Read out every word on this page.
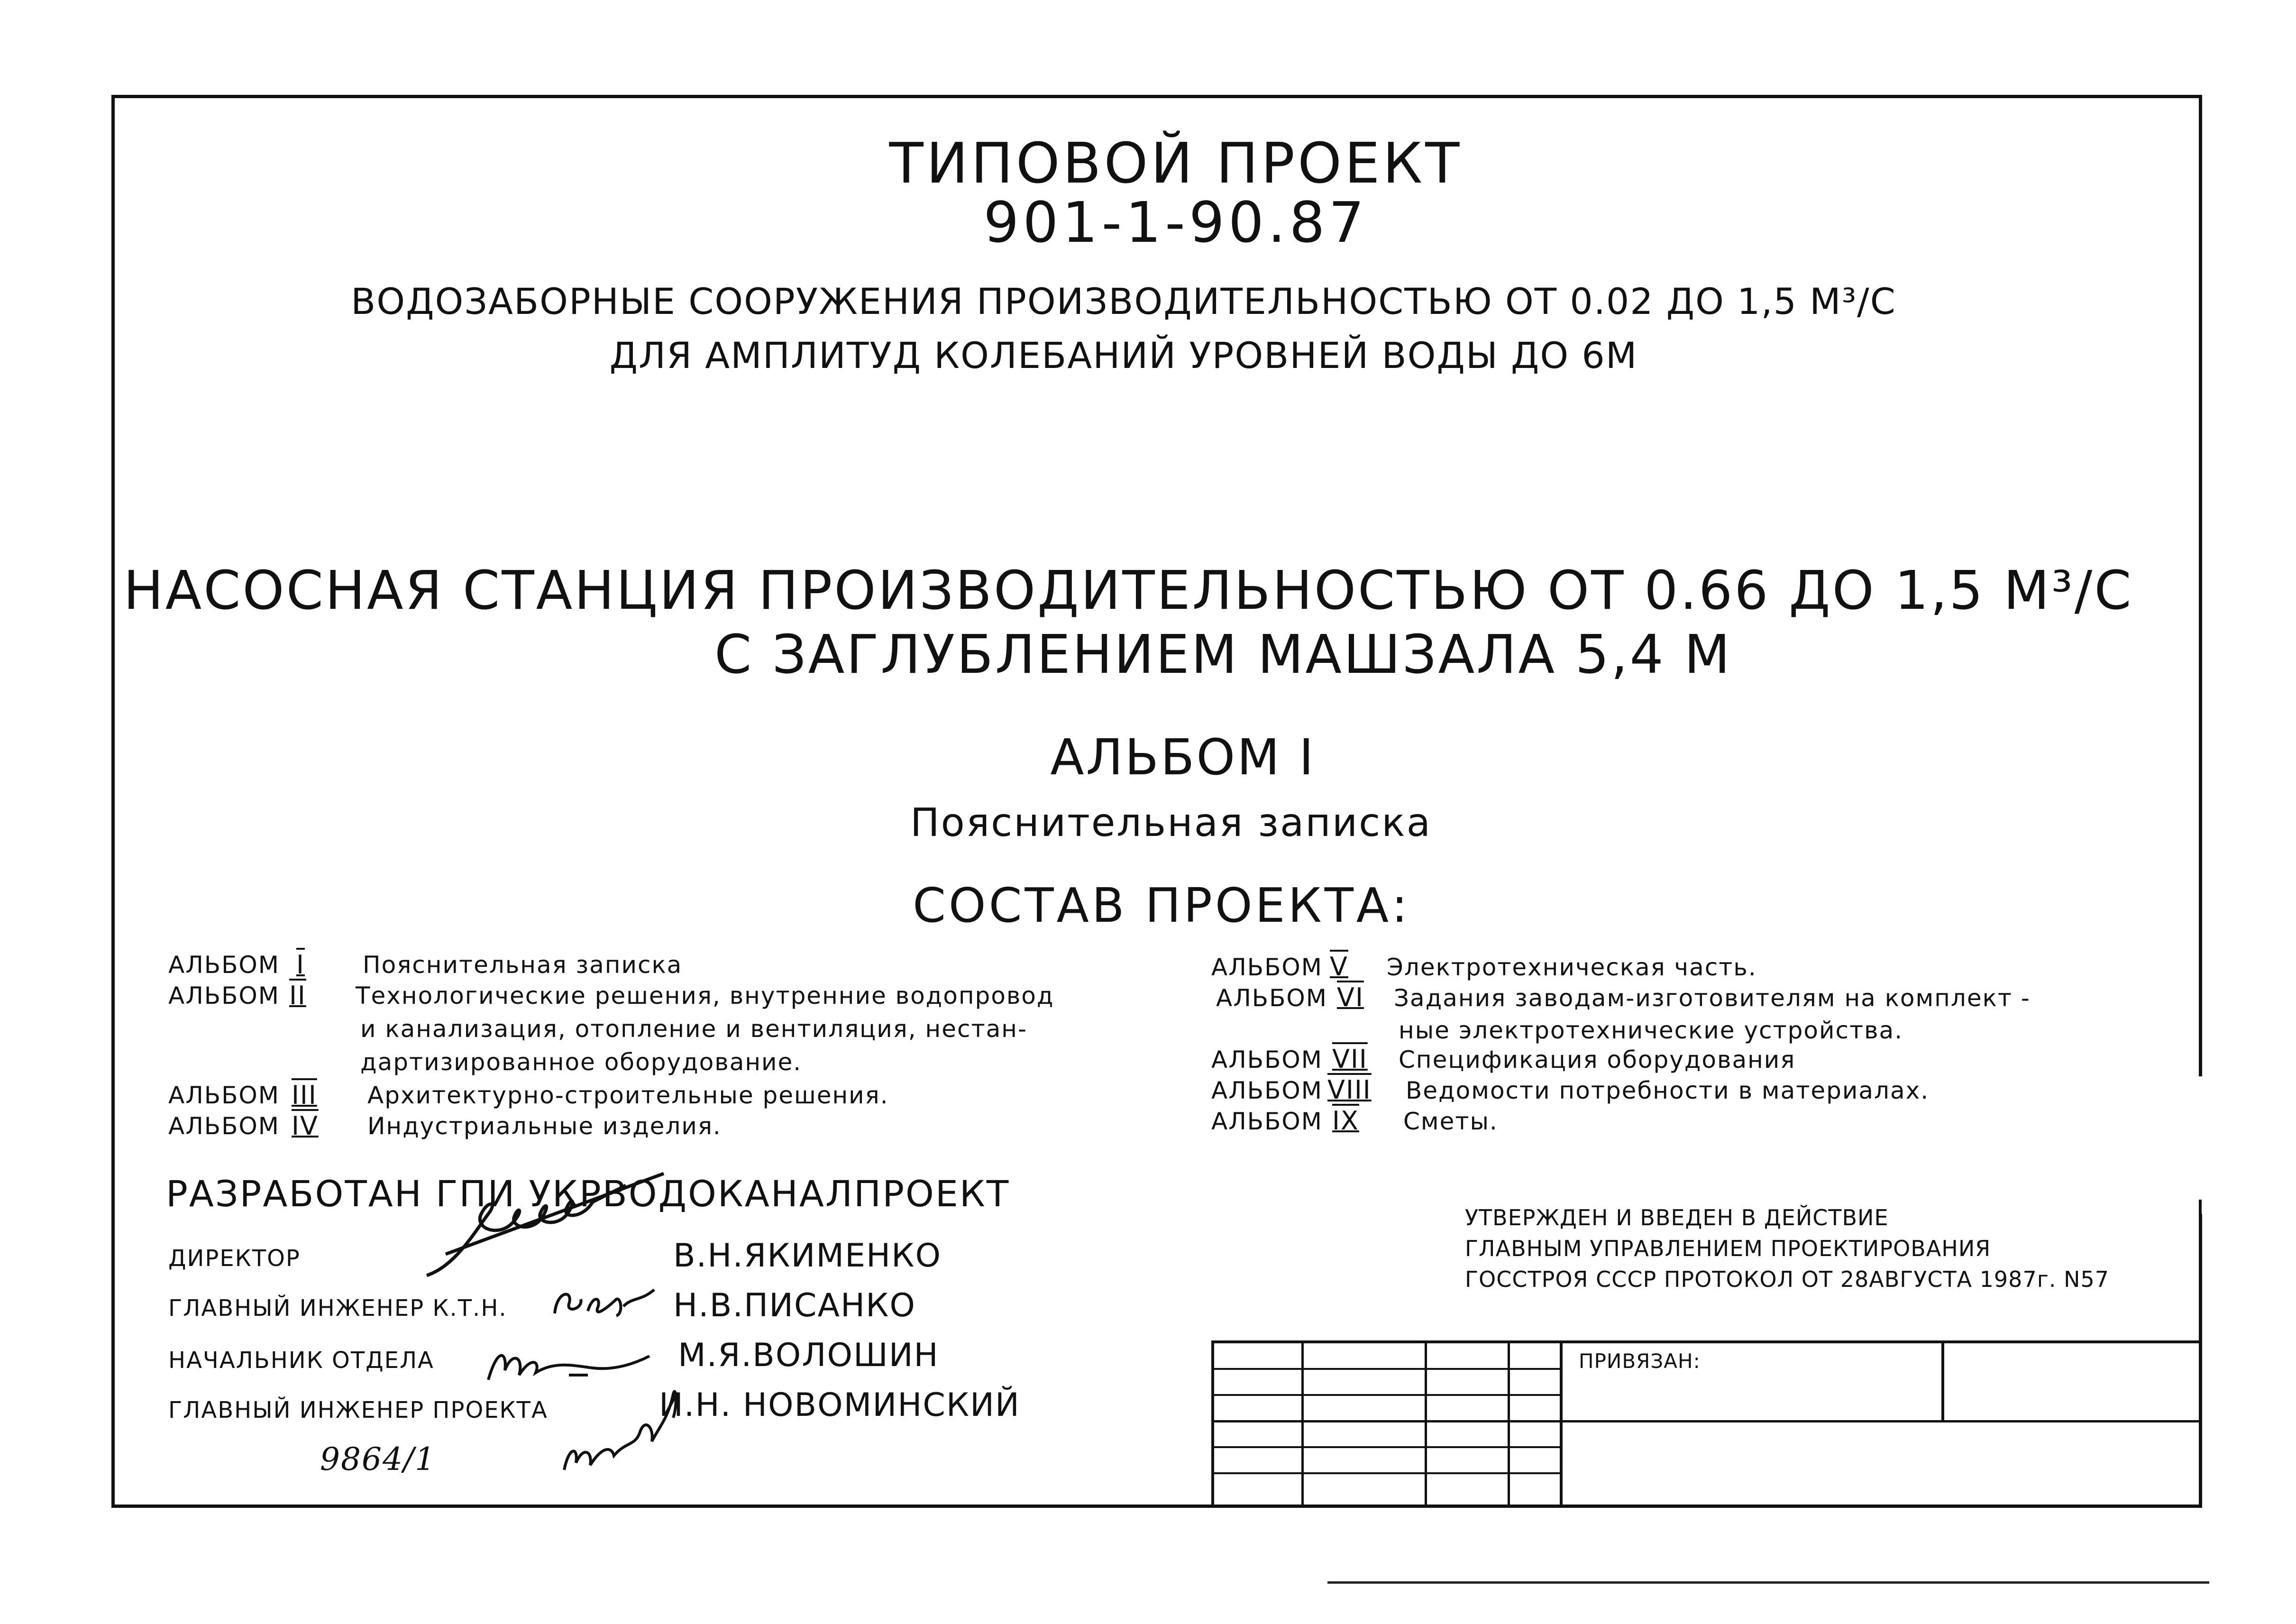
ТИПОВОЙ ПРОЕКТ
901-1-90.87
ВОДОЗАБОРНЫЕ СООРУЖЕНИЯ ПРОИЗВОДИТЕЛЬНОСТЬЮ ОТ 0.02 ДО 1,5 М³/С
ДЛЯ АМПЛИТУД КОЛЕБАНИЙ УРОВНЕЙ ВОДЫ ДО 6М
НАСОСНАЯ СТАНЦИЯ ПРОИЗВОДИТЕЛЬНОСТЬЮ ОТ 0.66 ДО 1,5 М³/С
С ЗАГЛУБЛЕНИЕМ МАШЗАЛА 5,4 М
АЛЬБОМ I
Пояснительная записка
СОСТАВ ПРОЕКТА:
АЛЬБОМ I Пояснительная записка
АЛЬБОМ II Технологические решения, внутренние водопровод
и канализация, отопление и вентиляция, нестан-
дартизированное оборудование.
АЛЬБОМ III Архитектурно-строительные решения.
АЛЬБОМ IV Индустриальные изделия.
АЛЬБОМ V Электротехническая часть.
АЛЬБОМ VI Задания заводам-изготовителям на комплект -
ные электротехнические устройства.
АЛЬБОМ VII Спецификация оборудования
АЛЬБОМ VIII Ведомости потребности в материалах.
АЛЬБОМ IX Сметы.
РАЗРАБОТАН ГПИ УКРВОДОКАНАЛПРОЕКТ
ДИРЕКТОР	В.Н.ЯКИМЕНКО
ГЛАВНЫЙ ИНЖЕНЕР К.Т.Н.	Н.В.ПИСАНКО
НАЧАЛЬНИК ОТДЕЛА	М.Я.ВОЛОШИН
ГЛАВНЫЙ ИНЖЕНЕР ПРОЕКТА	И.Н. НОВОМИНСКИЙ
9864/1
УТВЕРЖДЕН И ВВЕДЕН В ДЕЙСТВИЕ
ГЛАВНЫМ УПРАВЛЕНИЕМ ПРОЕКТИРОВАНИЯ
ГОССТРОЯ СССР ПРОТОКОЛ ОТ 28АВГУСТА 1987г. N57
ПРИВЯЗАН:
